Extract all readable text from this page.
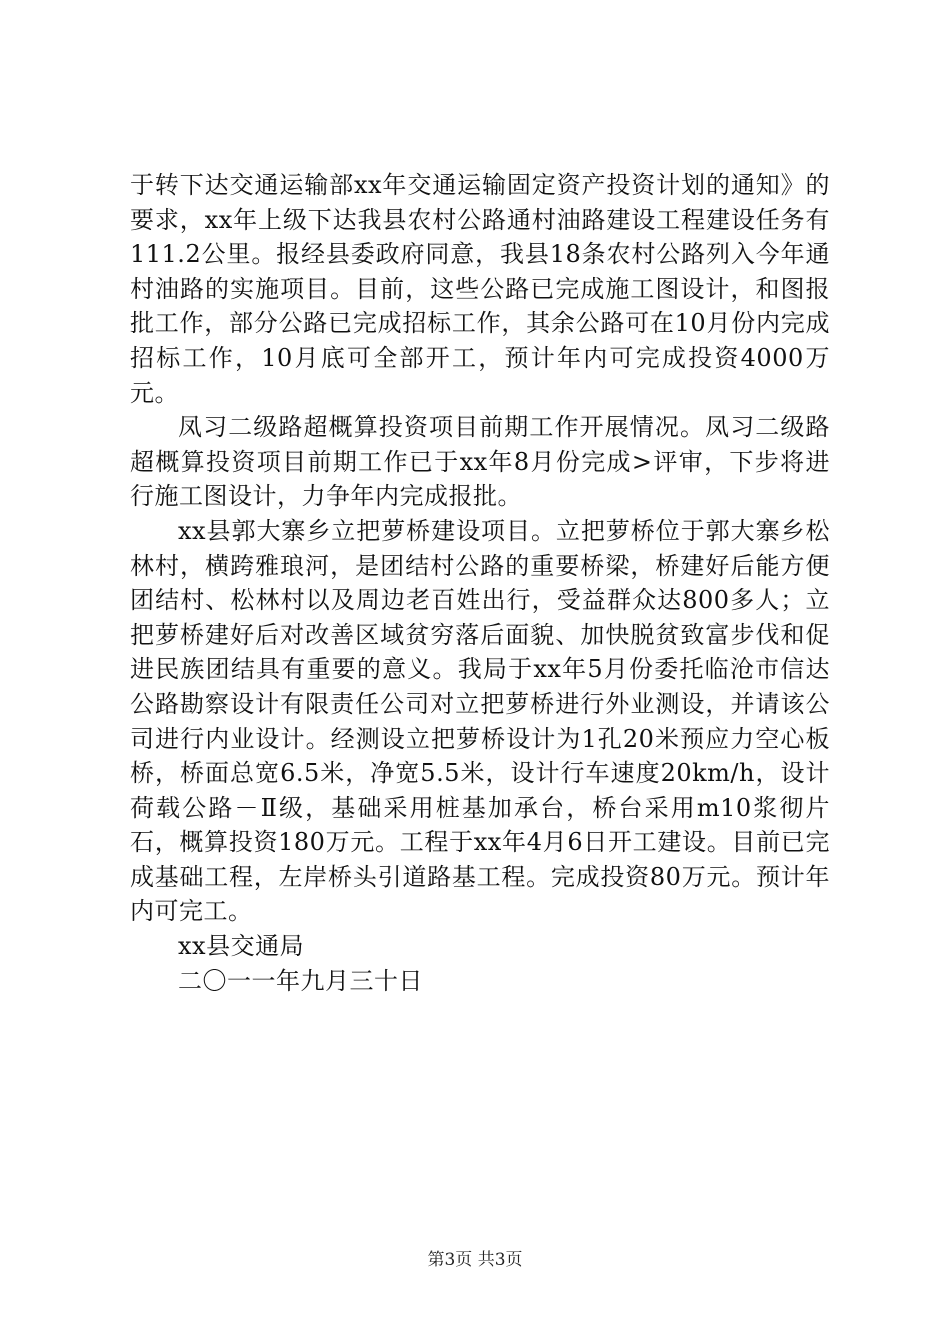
于转下达交通运输部xx年交通运输固定资产投资计划的通知》的要求，xx年上级下达我县农村公路通村油路建设工程建设任务有111.2公里。报经县委政府同意，我县18条农村公路列入今年通村油路的实施项目。目前，这些公路已完成施工图设计，和图报批工作，部分公路已完成招标工作，其余公路可在10月份内完成招标工作，10月底可全部开工，预计年内可完成投资4000万元。

凤习二级路超概算投资项目前期工作开展情况。凤习二级路超概算投资项目前期工作已于xx年8月份完成>评审，下步将进行施工图设计，力争年内完成报批。

xx县郭大寨乡立把萝桥建设项目。立把萝桥位于郭大寨乡松林村，横跨雅琅河，是团结村公路的重要桥梁，桥建好后能方便团结村、松林村以及周边老百姓出行，受益群众达800多人；立把萝桥建好后对改善区域贫穷落后面貌、加快脱贫致富步伐和促进民族团结具有重要的意义。我局于xx年5月份委托临沧市信达公路勘察设计有限责任公司对立把萝桥进行外业测设，并请该公司进行内业设计。经测设立把萝桥设计为1孔20米预应力空心板桥，桥面总宽6.5米，净宽5.5米，设计行车速度20km/h，设计荷载公路－Ⅱ级，基础采用桩基加承台，桥台采用m10浆彻片石，概算投资180万元。工程于xx年4月6日开工建设。目前已完成基础工程，左岸桥头引道路基工程。完成投资80万元。预计年内可完工。

xx县交通局

二〇一一年九月三十日

第3页 共3页
